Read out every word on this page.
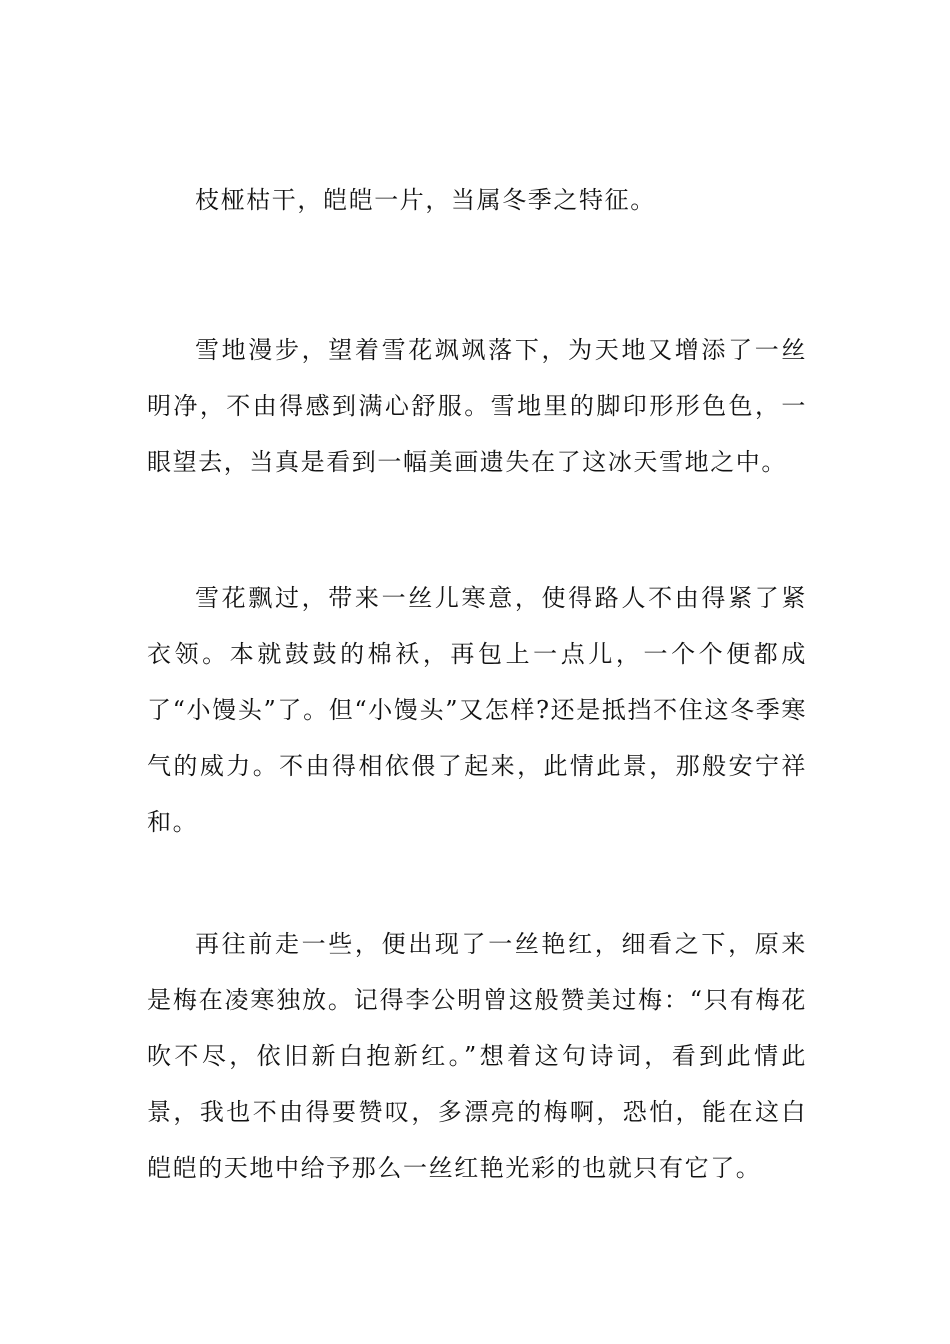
枝桠枯干，皑皑一片，当属冬季之特征。

雪地漫步，望着雪花飒飒落下，为天地又增添了一丝明净，不由得感到满心舒服。雪地里的脚印形形色色，一眼望去，当真是看到一幅美画遗失在了这冰天雪地之中。

雪花飘过，带来一丝儿寒意，使得路人不由得紧了紧衣领。本就鼓鼓的棉袄，再包上一点儿，一个个便都成了“小馒头”了。但“小馒头”又怎样?还是抵挡不住这冬季寒气的威力。不由得相依偎了起来，此情此景，那般安宁祥和。

再往前走一些，便出现了一丝艳红，细看之下，原来是梅在凌寒独放。记得李公明曾这般赞美过梅：“只有梅花吹不尽，依旧新白抱新红。”想着这句诗词，看到此情此景，我也不由得要赞叹，多漂亮的梅啊，恐怕，能在这白皑皑的天地中给予那么一丝红艳光彩的也就只有它了。
